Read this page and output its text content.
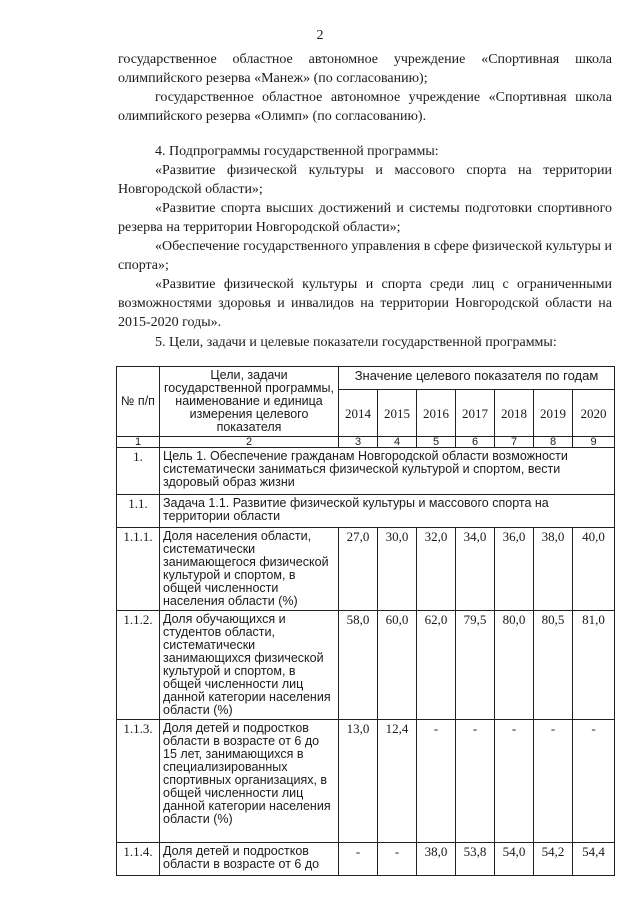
2

государственное областное автономное учреждение «Спортивная школа олимпийского резерва «Манеж» (по согласованию);

государственное областное автономное учреждение «Спортивная школа олимпийского резерва «Олимп» (по согласованию).

4. Подпрограммы государственной программы:

«Развитие физической культуры и массового спорта на территории Новгородской области»;

«Развитие спорта высших достижений и системы подготовки спортивного резерва на территории Новгородской области»;

«Обеспечение государственного управления в сфере физической культуры и спорта»;

«Развитие физической культуры и спорта среди лиц с ограниченными возможностями здоровья и инвалидов на территории Новгородской области на 2015-2020 годы».

5. Цели, задачи и целевые показатели государственной программы:

№ п/п	Цели, задачи государственной программы, наименование и единица измерения целевого показателя	Значение целевого показателя по годам						
		2014	2015	2016	2017	2018	2019	2020
1	2	3	4	5	6	7	8	9
1.	Цель 1. Обеспечение гражданам Новгородской области возможности систематически заниматься физической культурой и спортом, вести здоровый образ жизни							
1.1.	Задача 1.1. Развитие физической культуры и массового спорта на территории области							
1.1.1.	Доля населения области, систематически занимающегося физической культурой и спортом, в общей численности населения области (%)	27,0	30,0	32,0	34,0	36,0	38,0	40,0
1.1.2.	Доля обучающихся и студентов области, систематически занимающихся физической культурой и спортом, в общей численности лиц данной категории населения области (%)	58,0	60,0	62,0	79,5	80,0	80,5	81,0
1.1.3.	Доля детей и подростков области в возрасте от 6 до 15 лет, занимающихся в специализированных спортивных организациях, в общей численности лиц данной категории населения области (%)	13,0	12,4	-	-	-	-	-
1.1.4.	Доля детей и подростков области в возрасте от 6 до	-	-	38,0	53,8	54,0	54,2	54,4
